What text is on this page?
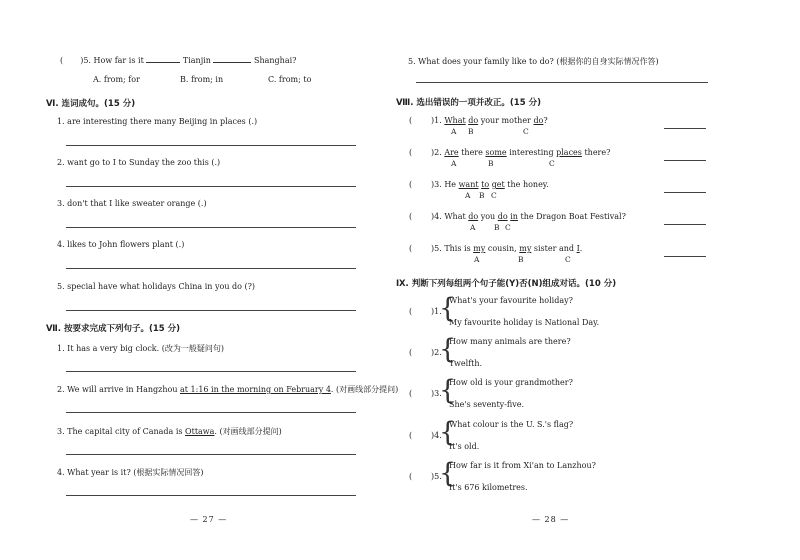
( )5. How far is it	Tianjin	Shanghai?
A. from; for	B. from; in	C. from; to
Ⅵ. 连词成句。(15 分)
1. are interesting there many Beijing in places (.)
2. want go to I to Sunday the zoo this (.)
3. don't that I like sweater orange (.)
4. likes to John flowers plant (.)
5. special have what holidays China in you do (?)
Ⅶ. 按要求完成下列句子。(15 分)
1. It has a very big clock. (改为一般疑问句)
2. We will arrive in Hangzhou at 1:16 in the morning on February 4. (对画线部分提问)
3. The capital city of Canada is Ottawa. (对画线部分提问)
4. What year is it? (根据实际情况回答)
— 27 —
5. What does your family like to do? (根据你的自身实际情况作答)
Ⅷ. 选出错误的一项并改正。(15 分)
( )1. What do your mother do?
A B	C
( )2. Are there some interesting places there?
A	B	C
( )3. He want to get the honey.
A B C
( )4. What do you do in the Dragon Boat Festival?
A B C
( )5. This is my cousin, my sister and I.
A	B	C
Ⅸ. 判断下列每组两个句子能(Y)否(N)组成对话。(10 分)
( )1.
{
What's your favourite holiday?
My favourite holiday is National Day.
( )2.
{
How many animals are there?
Twelfth.
( )3.
{
How old is your grandmother?
She's seventy-five.
( )4.
{
What colour is the U. S.'s flag?
It's old.
( )5.
{
How far is it from Xi'an to Lanzhou?
It's 676 kilometres.
— 28 —
